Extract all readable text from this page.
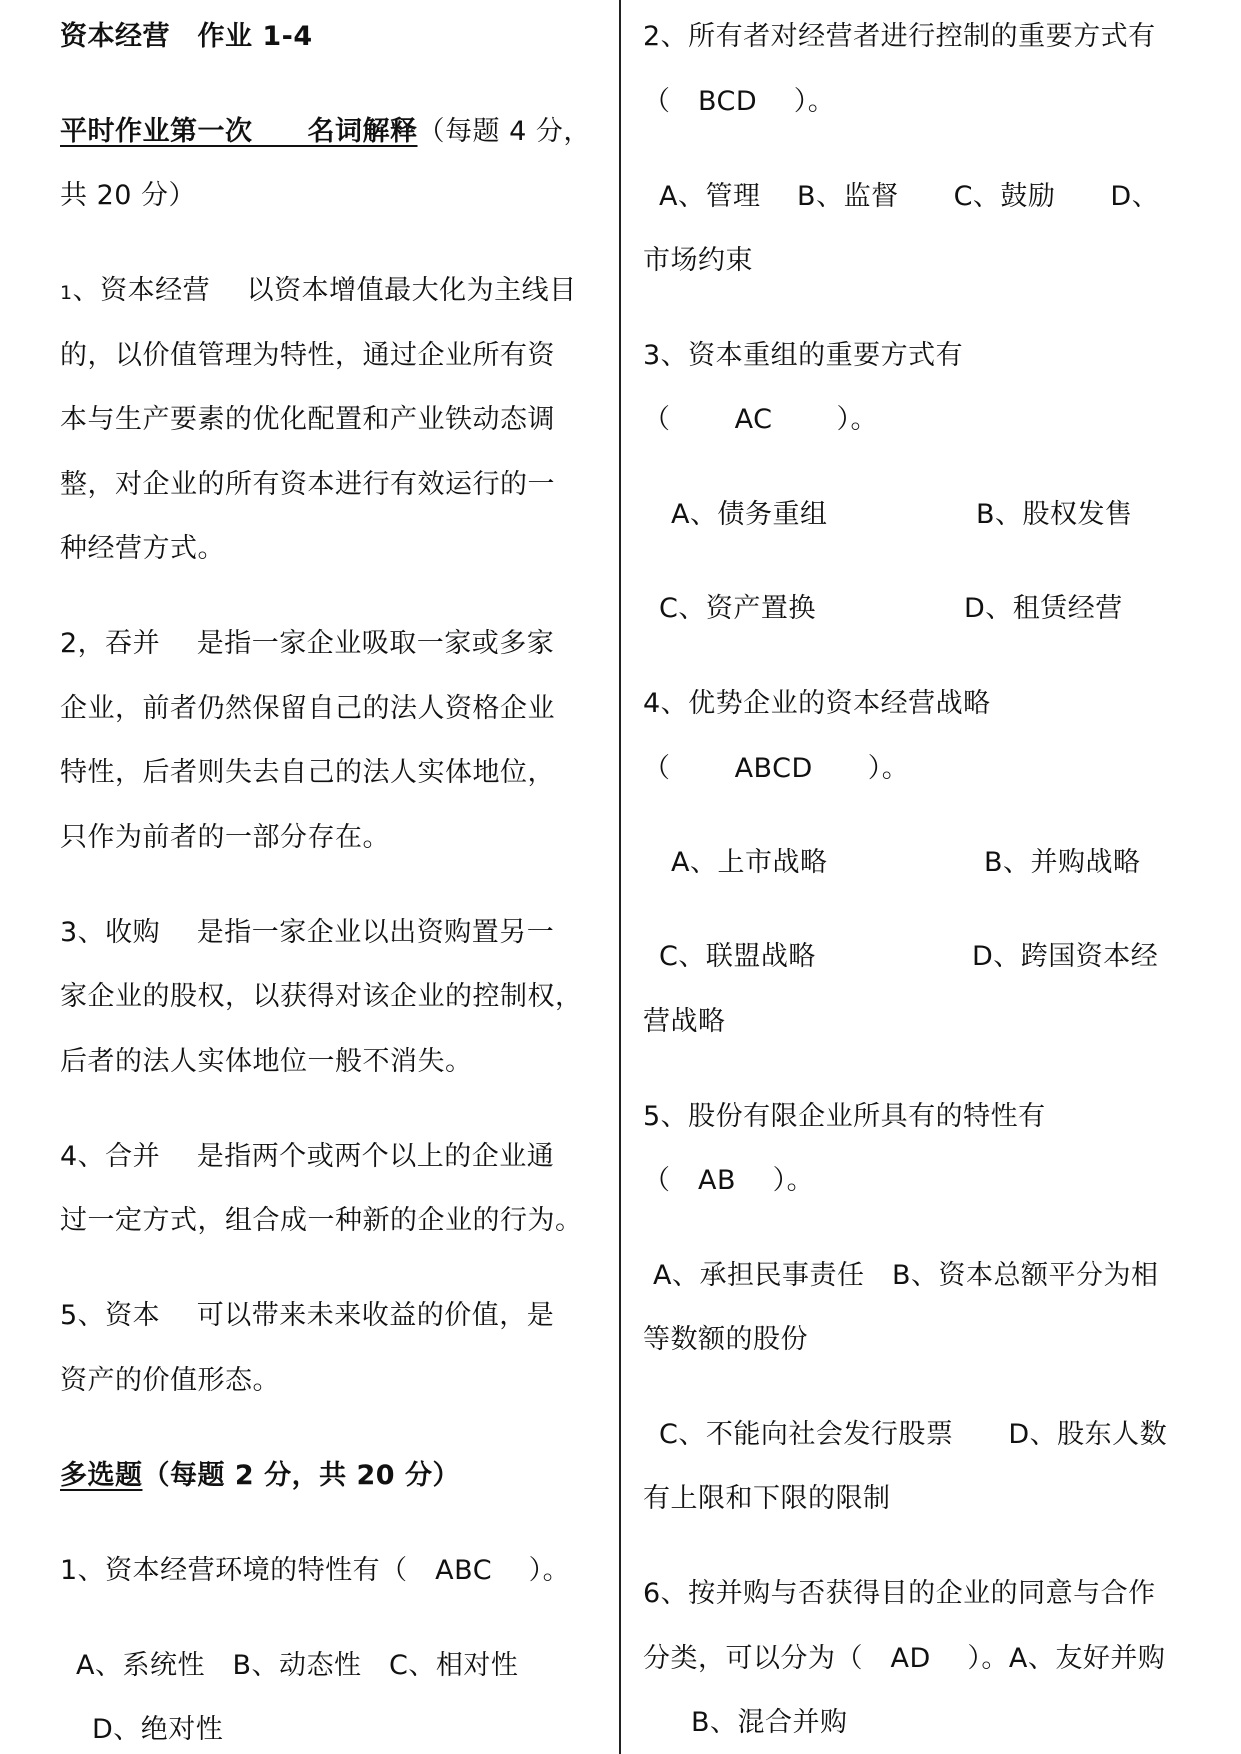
资本经营　作业 1-4
平时作业第一次　　名词解释（每题 4 分，
共 20 分）
1、资本经营　 以资本增值最大化为主线目
的，以价值管理为特性，通过企业所有资
本与生产要素的优化配置和产业铁动态调
整，对企业的所有资本进行有效运行的一
种经营方式。
2，吞并　 是指一家企业吸取一家或多家
企业，前者仍然保留自己的法人资格企业
特性，后者则失去自己的法人实体地位，
只作为前者的一部分存在。
3、收购　 是指一家企业以出资购置另一
家企业的股权，以获得对该企业的控制权，
后者的法人实体地位一般不消失。
4、合并　 是指两个或两个以上的企业通
过一定方式，组合成一种新的企业的行为。
5、资本　 可以带来未来收益的价值，是
资产的价值形态。
多选题（每题 2 分，共 20 分）
1、资本经营环境的特性有（　ABC　 ）。
A、系统性　B、动态性　C、相对性
D、绝对性
2、所有者对经营者进行控制的重要方式有
（　BCD　 ）。
A、管理　 B、监督　　C、鼓励　　D、
市场约束
3、资本重组的重要方式有
（　　 AC　　 ）。
A、债务重组	B、股权发售
C、资产置换	D、租赁经营
4、优势企业的资本经营战略
（　　 ABCD　　）。
A、上市战略	B、并购战略
C、联盟战略	D、跨国资本经
营战略
5、股份有限企业所具有的特性有
（　AB　 ）。
A、承担民事责任　B、资本总额平分为相
等数额的股份
C、不能向社会发行股票　　D、股东人数
有上限和下限的限制
6、按并购与否获得目的企业的同意与合作
分类，可以分为（　AD　 ）。A、友好并购
B、混合并购
